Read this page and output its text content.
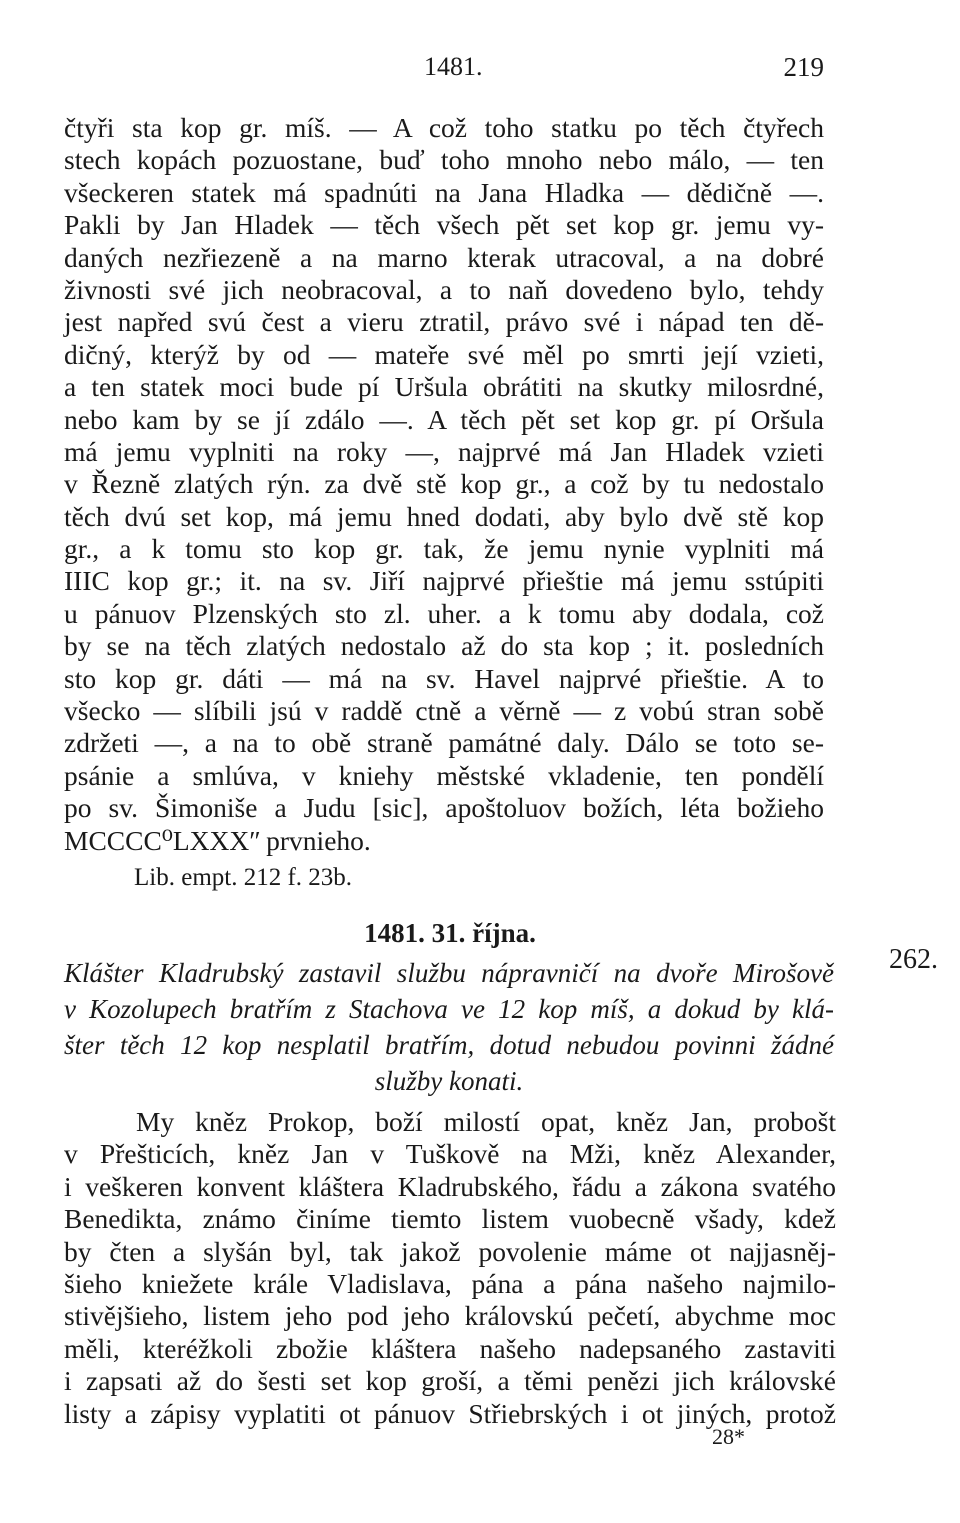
1481.	219
čtyři sta kop gr. míš. — A což toho statku po těch čtyřech
stech kopách pozuostane, buď toho mnoho nebo málo, — ten
všeckeren statek má spadnúti na Jana Hladka — dědičně —.
Pakli by Jan Hladek — těch všech pět set kop gr. jemu vy-
daných nezřiezeně a na marno kterak utracoval, a na dobré
živnosti své jich neobracoval, a to naň dovedeno bylo, tehdy
jest napřed svú čest a vieru ztratil, právo své i nápad ten dě-
dičný, kterýž by od — mateře své měl po smrti její vzieti,
a ten statek moci bude pí Uršula obrátiti na skutky milosrdné,
nebo kam by se jí zdálo —. A těch pět set kop gr. pí Oršula
má jemu vyplniti na roky —, najprvé má Jan Hladek vzieti
v Řezně zlatých rýn. za dvě stě kop gr., a což by tu nedostalo
těch dvú set kop, má jemu hned dodati, aby bylo dvě stě kop
gr., a k tomu sto kop gr. tak, že jemu nynie vyplniti má
IIIC kop gr.; it. na sv. Jiří najprvé přieštie má jemu sstúpiti
u pánuov Plzenských sto zl. uher. a k tomu aby dodala, což
by se na těch zlatých nedostalo až do sta kop ; it. posledních
sto kop gr. dáti — má na sv. Havel najprvé přieštie. A to
všecko — slíbili jsú v raddě ctně a věrně — z vobú stran sobě
zdržeti —, a na to obě straně památné daly. Dálo se toto se-
psánie a smlúva, v kniehy městské vkladenie, ten pondělí
po sv. Šimoniše a Judu [sic], apoštoluov božích, léta božieho
MCCCC⁰LXXXʺ prvnieho.
Lib. empt. 212 f. 23b.
1481. 31. října.
262.
Klášter Kladrubský zastavil službu nápravničí na dvoře Mirošově
v Kozolupech bratřím z Stachova ve 12 kop míš, a dokud by klá-
šter těch 12 kop nesplatil bratřím, dotud nebudou povinni žádné
služby konati.
My kněz Prokop, boží milostí opat, kněz Jan, probošt
v Přešticích, kněz Jan v Tuškově na Mži, kněz Alexander,
i veškeren konvent kláštera Kladrubského, řádu a zákona svatého
Benedikta, známo činíme tiemto listem vuobecně všady, kdež
by čten a slyšán byl, tak jakož povolenie máme ot najjasněj-
šieho kniežete krále Vladislava, pána a pána našeho najmilo-
stivějšieho, listem jeho pod jeho královskú pečetí, abychme moc
měli, kteréžkoli zbožie kláštera našeho nadepsaného zastaviti
i zapsati až do šesti set kop groší, a těmi penězi jich královské
listy a zápisy vyplatiti ot pánuov Střiebrských i ot jiných, protož
28*
